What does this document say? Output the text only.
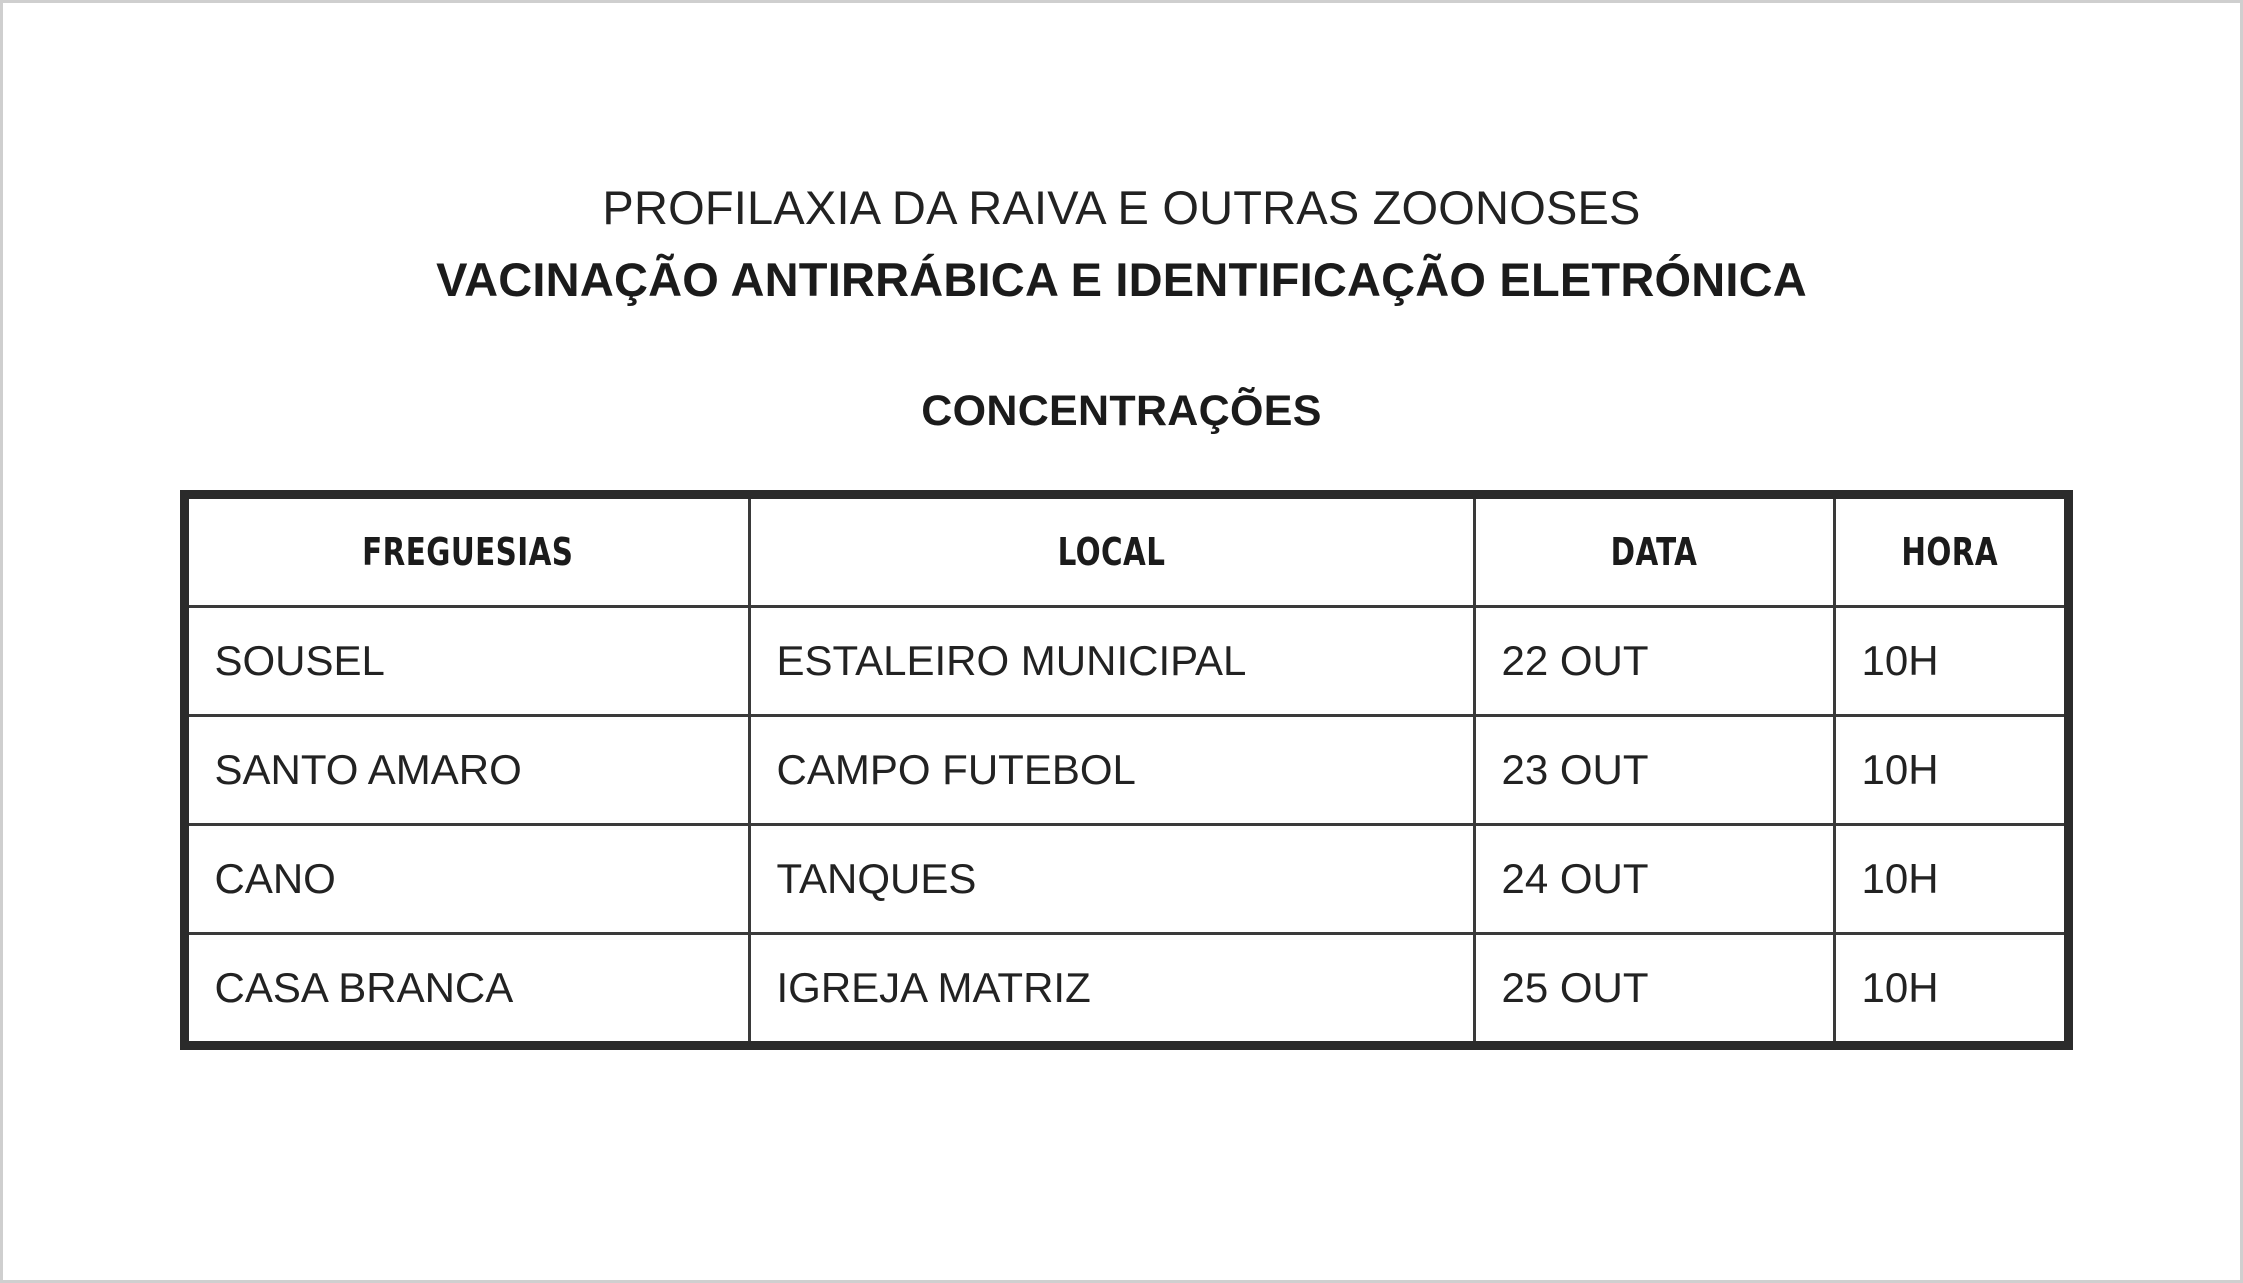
PROFILAXIA DA RAIVA E OUTRAS ZOONOSES
VACINAÇÃO ANTIRRÁBICA E IDENTIFICAÇÃO ELETRÓNICA
CONCENTRAÇÕES
FREGUESIAS	LOCAL	DATA	HORA
SOUSEL	ESTALEIRO MUNICIPAL	22 OUT	10H
SANTO AMARO	CAMPO FUTEBOL	23 OUT	10H
CANO	TANQUES	24 OUT	10H
CASA BRANCA	IGREJA MATRIZ	25 OUT	10H
